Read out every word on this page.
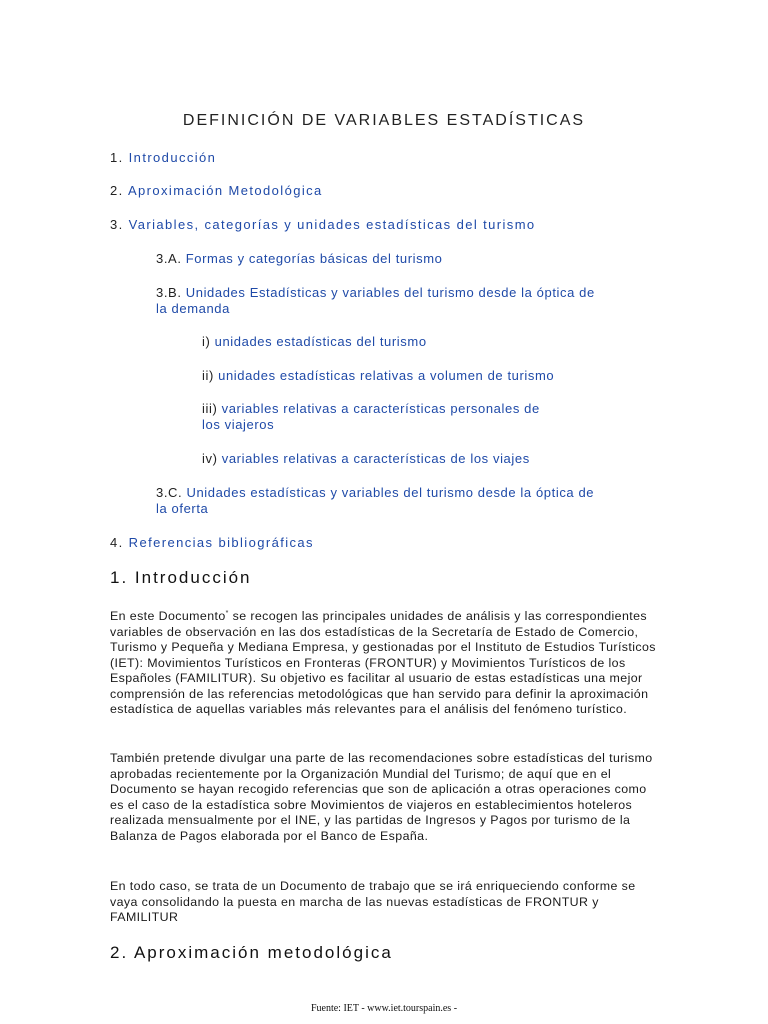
DEFINICIÓN DE VARIABLES ESTADÍSTICAS
1. Introducción
2. Aproximación Metodológica
3. Variables, categorías y unidades estadísticas del turismo
3.A. Formas y categorías básicas del turismo
3.B. Unidades Estadísticas y variables del turismo desde la óptica de
la demanda
i) unidades estadísticas del turismo
ii) unidades estadísticas relativas a volumen de turismo
iii) variables relativas a características personales de
los viajeros
iv) variables relativas a características de los viajes
3.C. Unidades estadísticas y variables del turismo desde la óptica de
la oferta
4. Referencias bibliográficas
1. Introducción

En este Documento* se recogen las principales unidades de análisis y las correspondientes variables de observación en las dos estadísticas de la Secretaría de Estado de Comercio, Turismo y Pequeña y Mediana Empresa, y gestionadas por el Instituto de Estudios Turísticos (IET): Movimientos Turísticos en Fronteras (FRONTUR) y Movimientos Turísticos de los Españoles (FAMILITUR). Su objetivo es facilitar al usuario de estas estadísticas una mejor comprensión de las referencias metodológicas que han servido para definir la aproximación estadística de aquellas variables más relevantes para el análisis del fenómeno turístico.

También pretende divulgar una parte de las recomendaciones sobre estadísticas del turismo aprobadas recientemente por la Organización Mundial del Turismo; de aquí que en el Documento se hayan recogido referencias que son de aplicación a otras operaciones como es el caso de la estadística sobre Movimientos de viajeros en establecimientos hoteleros realizada mensualmente por el INE, y las partidas de Ingresos y Pagos por turismo de la Balanza de Pagos elaborada por el Banco de España.

En todo caso, se trata de un Documento de trabajo que se irá enriqueciendo conforme se vaya consolidando la puesta en marcha de las nuevas estadísticas de FRONTUR y FAMILITUR

2. Aproximación metodológica
Fuente: IET - www.iet.tourspain.es -
